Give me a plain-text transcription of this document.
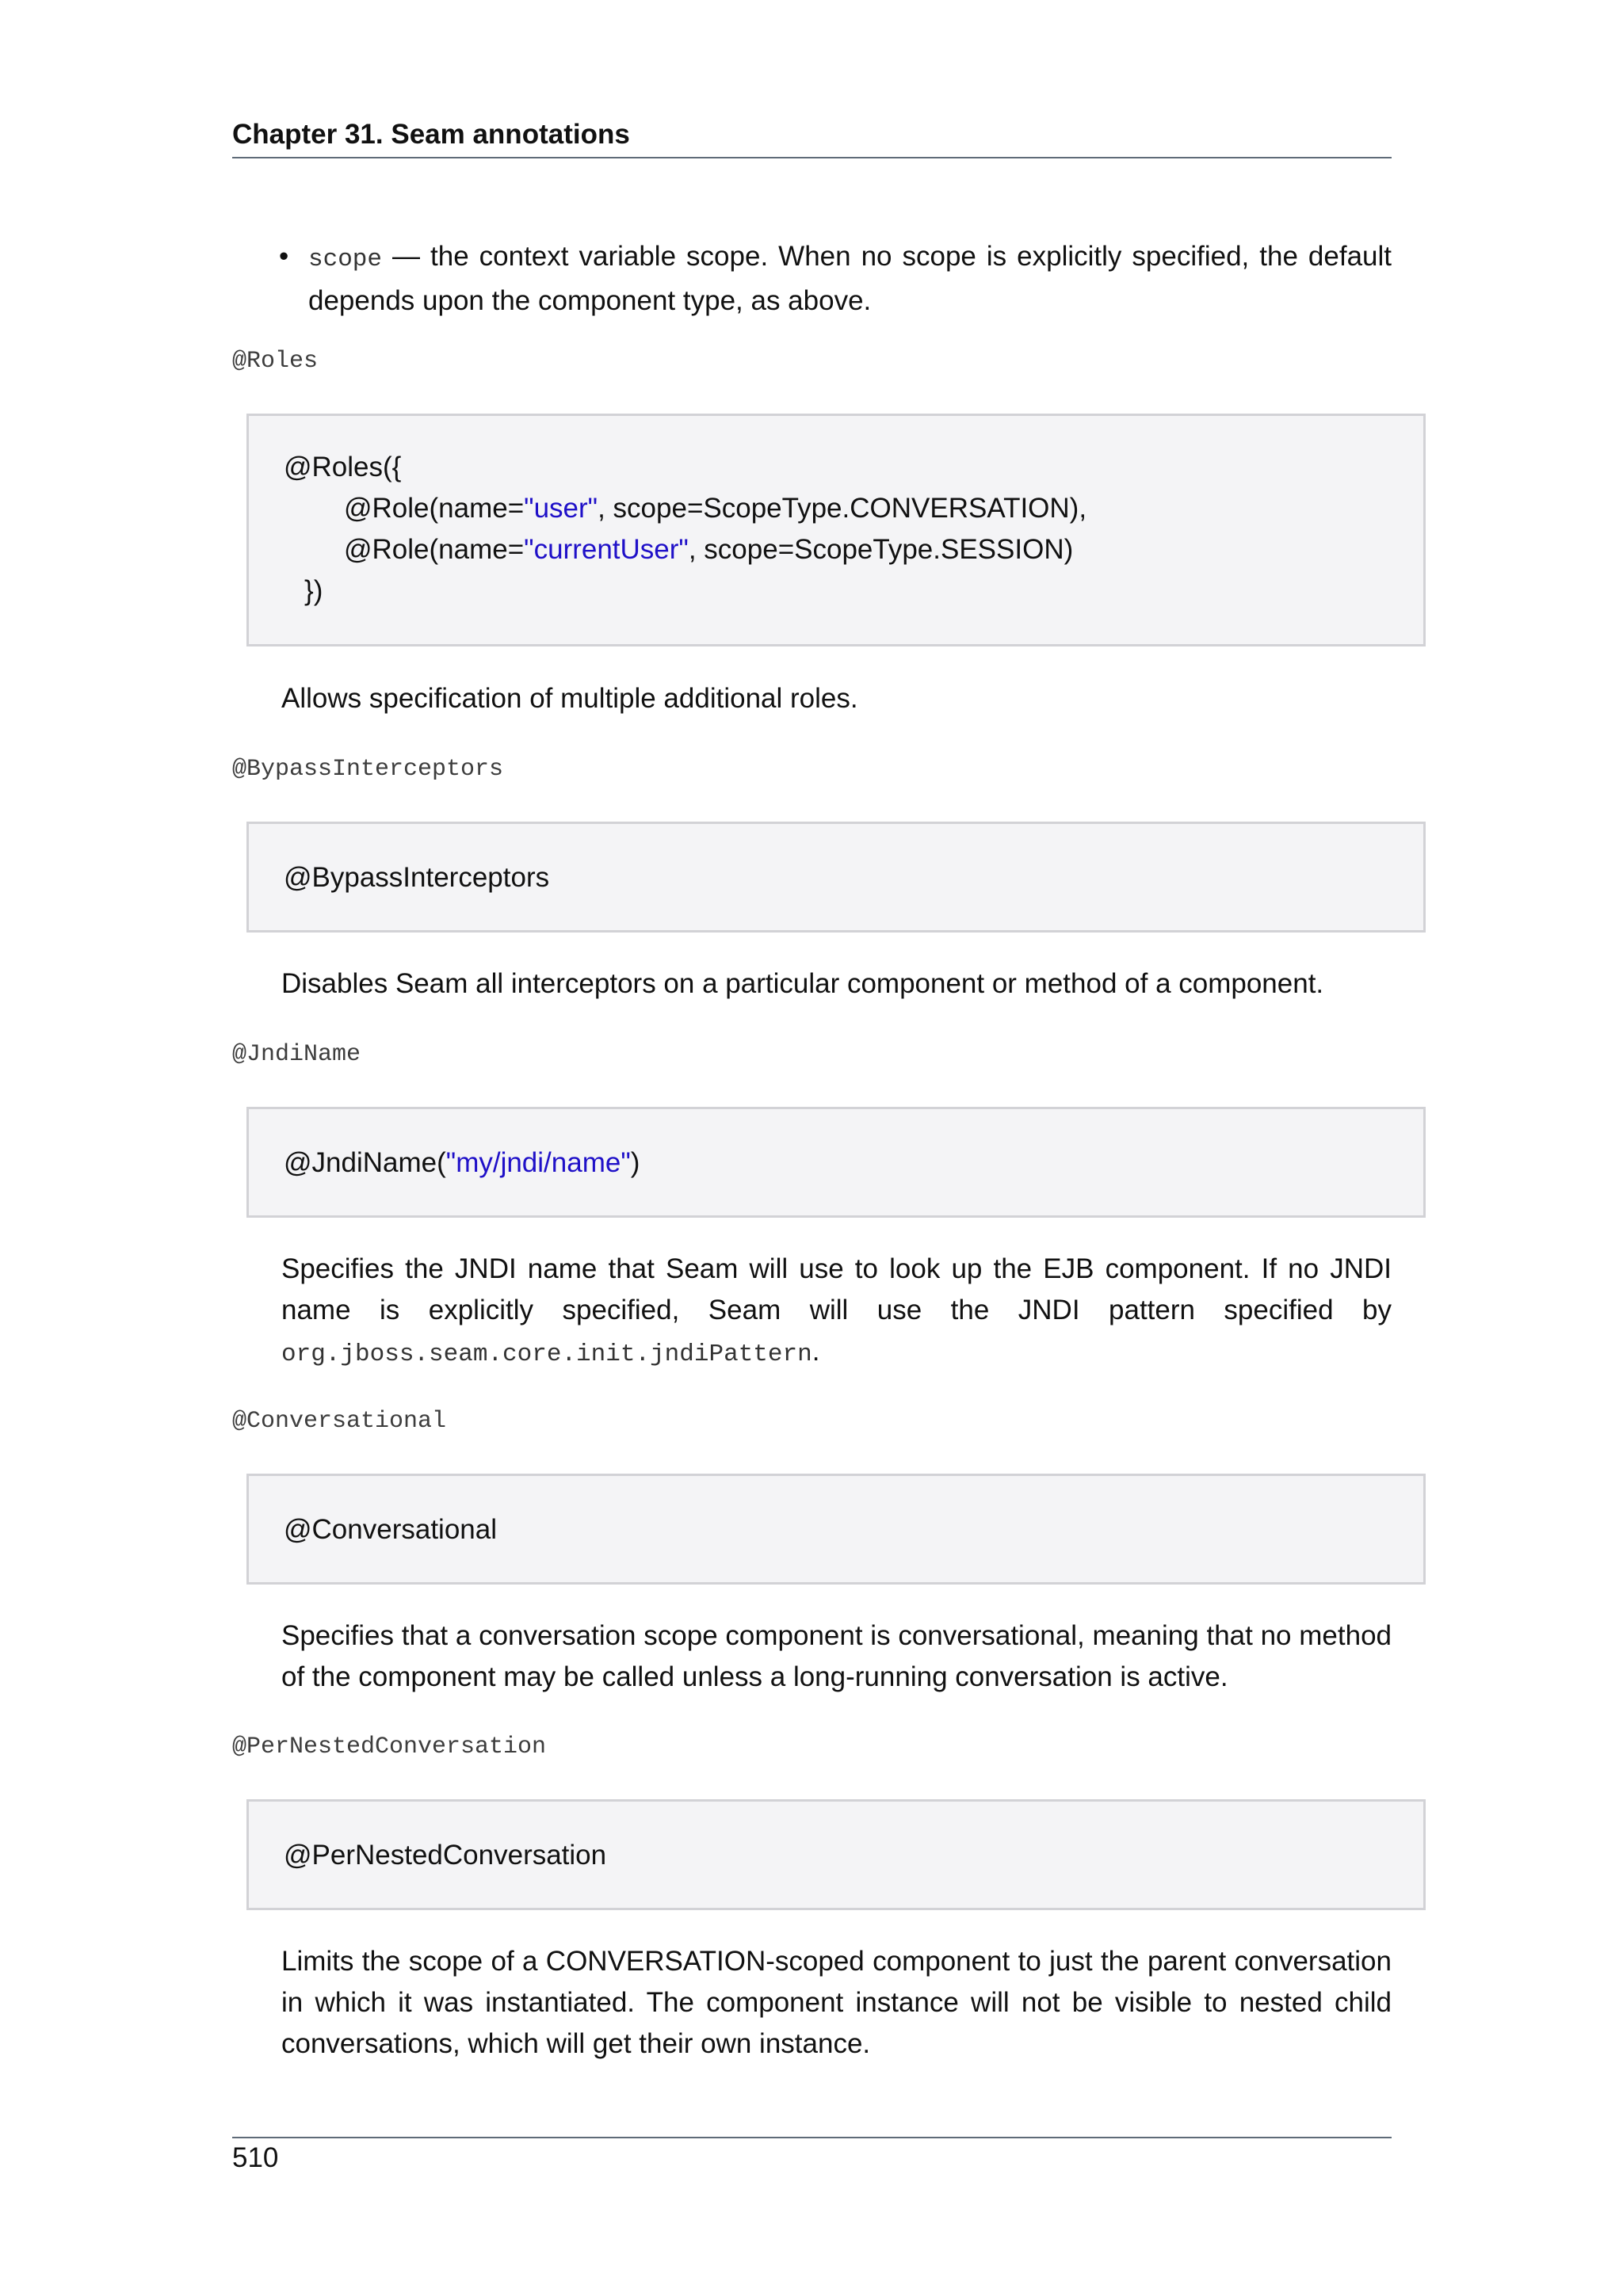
Chapter 31. Seam annotations
• scope — the context variable scope. When no scope is explicitly specified, the default depends upon the component type, as above.
@Roles
@Roles({
@Role(name="user", scope=ScopeType.CONVERSATION),
@Role(name="currentUser", scope=ScopeType.SESSION)
})
Allows specification of multiple additional roles.
@BypassInterceptors
@BypassInterceptors
Disables Seam all interceptors on a particular component or method of a component.
@JndiName
@JndiName("my/jndi/name")
Specifies the JNDI name that Seam will use to look up the EJB component. If no JNDI name is explicitly specified, Seam will use the JNDI pattern specified by org.jboss.seam.core.init.jndiPattern.
@Conversational
@Conversational
Specifies that a conversation scope component is conversational, meaning that no method of the component may be called unless a long-running conversation is active.
@PerNestedConversation
@PerNestedConversation
Limits the scope of a CONVERSATION-scoped component to just the parent conversation in which it was instantiated. The component instance will not be visible to nested child conversations, which will get their own instance.
510
